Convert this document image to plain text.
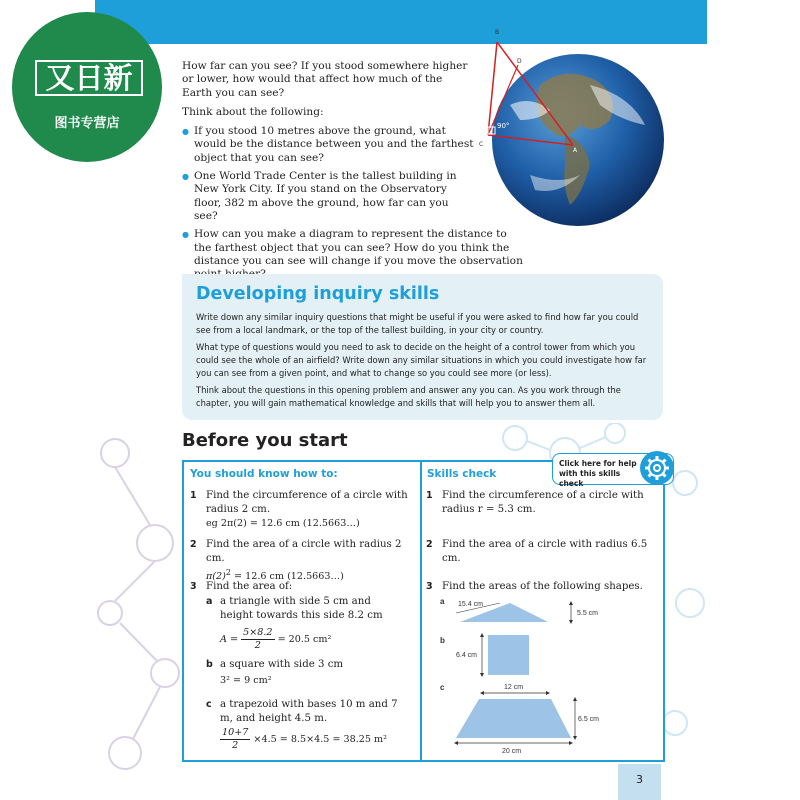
又日新
图书专营店

How far can you see? If you stood somewhere higher or lower, how would that affect how much of the Earth you can see?

Think about the following:

● If you stood 10 metres above the ground, what would be the distance between you and the farthest object that you can see?
● One World Trade Center is the tallest building in New York City. If you stand on the Observatory floor, 382 m above the ground, how far can you see?
● How can you make a diagram to represent the distance to the farthest object that you can see? How do you think the distance you can see will change if you move the observation
B
D
C
A
90°
Developing inquiry skills

Write down any similar inquiry questions that might be useful if you were asked to find how far you could see from a local landmark, or the top of the tallest building, in your city or country.

What type of questions would you need to ask to decide on the height of a control tower from which you could see the whole of an airfield? Write down any similar situations in which you could investigate how far you can see from a given point, and what to change so you could see more (or less).

Think about the questions in this opening problem and answer any you can. As you work through the chapter, you will gain mathematical knowledge and skills that will help you to answer them all.

Before you start
You should know how to:	Skills check
1 Find the circumference of a circle with radius 2 cm.
eg 2π(2) = 12.6 cm (12.5663…)
2 Find the area of a circle with radius 2 cm.
$\pi(2)^2 = 12.6$ cm (12.5663…)
3 Find the area of:
a a triangle with side 5 cm and height towards this side 8.2 cm
$A = \frac{5\times 8.2}{2} = 20.5$ cm²
b a square with side 3 cm
3² = 9 cm²
c a trapezoid with bases 10 m and 7 m, and height 4.5 m.
$\frac{10+7}{2} \times 4.5 = 8.5\times 4.5 = 38.25$ m²
1 Find the circumference of a circle with radius r = 5.3 cm.
2 Find the area of a circle with radius 6.5 cm.
3 Find the areas of the following shapes.
Click here for help with this skills check
a 15.4 cm
5.5 cm
b
6.4 cm
c	12 cm
6.5 cm
20 cm
3
